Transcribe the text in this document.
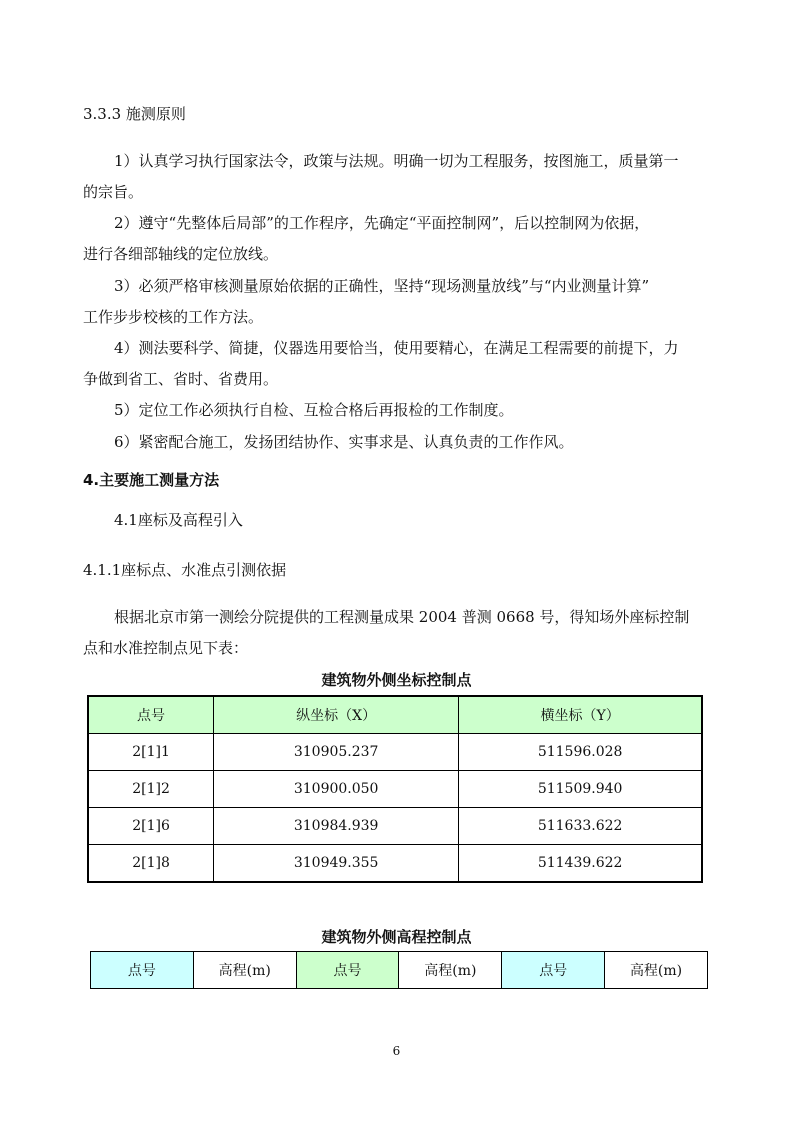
3.3.3 施测原则
1）认真学习执行国家法令，政策与法规。明确一切为工程服务，按图施工，质量第一
的宗旨。
2）遵守“先整体后局部”的工作程序，先确定“平面控制网”，后以控制网为依据，
进行各细部轴线的定位放线。
3）必须严格审核测量原始依据的正确性，坚持“现场测量放线”与“内业测量计算”
工作步步校核的工作方法。
4）测法要科学、简捷，仪器选用要恰当，使用要精心，在满足工程需要的前提下，力
争做到省工、省时、省费用。
5）定位工作必须执行自检、互检合格后再报检的工作制度。
6）紧密配合施工，发扬团结协作、实事求是、认真负责的工作作风。
4.主要施工测量方法
4.1座标及高程引入
4.1.1座标点、水准点引测依据
根据北京市第一测绘分院提供的工程测量成果 2004 普测 0668 号，得知场外座标控制
点和水准控制点见下表：
建筑物外侧坐标控制点
点号	纵坐标（X）	横坐标（Y）
2[1]1	310905.237	511596.028
2[1]2	310900.050	511509.940
2[1]6	310984.939	511633.622
2[1]8	310949.355	511439.622
建筑物外侧高程控制点
点号	高程(m)	点号	高程(m)	点号	高程(m)
6
